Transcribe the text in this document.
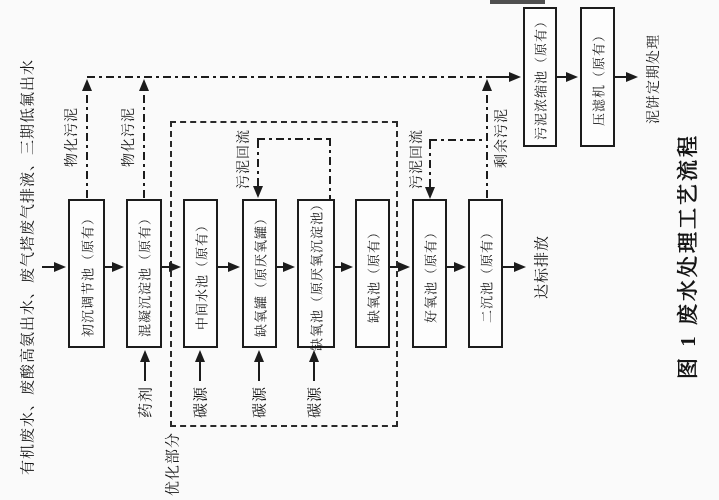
初沉调节池（原有）	混凝沉淀池（原有）	中间水池（原有）	缺氧罐（原厌氧罐）	缺氧池（原厌氧沉淀池）	缺氧池（原有）	好氧池（原有）	二沉池（原有）
污泥浓缩池（原有）	压滤机（原有）
有机废水、废酸高氨出水、废气塔废气排液、三期低氟出水 物化污泥	物化污泥	污泥回流	污泥回流	剩余污泥
药剂	碳源	碳源	碳源
优化部分
达标排放
泥饼定期处理
图 1 废水处理工艺流程
